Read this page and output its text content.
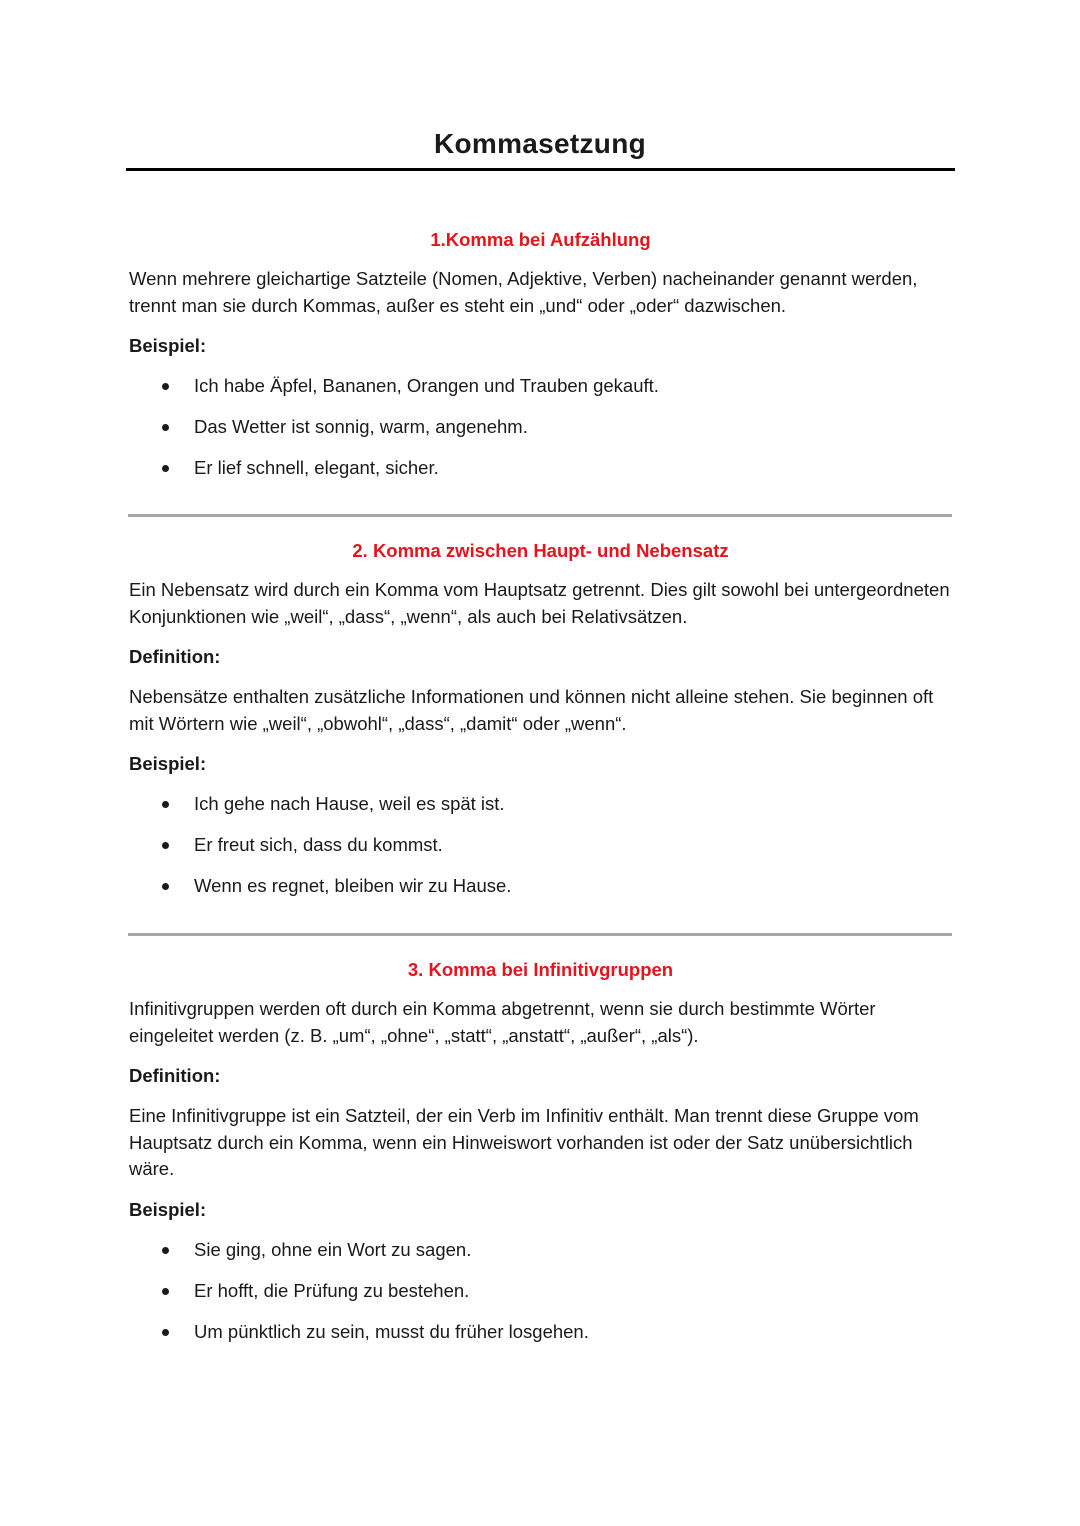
Kommasetzung
1.Komma bei Aufzählung

Wenn mehrere gleichartige Satzteile (Nomen, Adjektive, Verben) nacheinander genannt werden, trennt man sie durch Kommas, außer es steht ein „und“ oder „oder“ dazwischen.

Beispiel:

Ich habe Äpfel, Bananen, Orangen und Trauben gekauft.
Das Wetter ist sonnig, warm, angenehm.
Er lief schnell, elegant, sicher.
2. Komma zwischen Haupt- und Nebensatz

Ein Nebensatz wird durch ein Komma vom Hauptsatz getrennt. Dies gilt sowohl bei untergeordneten Konjunktionen wie „weil“, „dass“, „wenn“, als auch bei Relativsätzen.

Definition:

Nebensätze enthalten zusätzliche Informationen und können nicht alleine stehen. Sie beginnen oft mit Wörtern wie „weil“, „obwohl“, „dass“, „damit“ oder „wenn“.

Beispiel:

Ich gehe nach Hause, weil es spät ist.
Er freut sich, dass du kommst.
Wenn es regnet, bleiben wir zu Hause.
3. Komma bei Infinitivgruppen

Infinitivgruppen werden oft durch ein Komma abgetrennt, wenn sie durch bestimmte Wörter eingeleitet werden (z. B. „um“, „ohne“, „statt“, „anstatt“, „außer“, „als“).

Definition:

Eine Infinitivgruppe ist ein Satzteil, der ein Verb im Infinitiv enthält. Man trennt diese Gruppe vom Hauptsatz durch ein Komma, wenn ein Hinweiswort vorhanden ist oder der Satz unübersichtlich wäre.

Beispiel:

Sie ging, ohne ein Wort zu sagen.
Er hofft, die Prüfung zu bestehen.
Um pünktlich zu sein, musst du früher losgehen.
